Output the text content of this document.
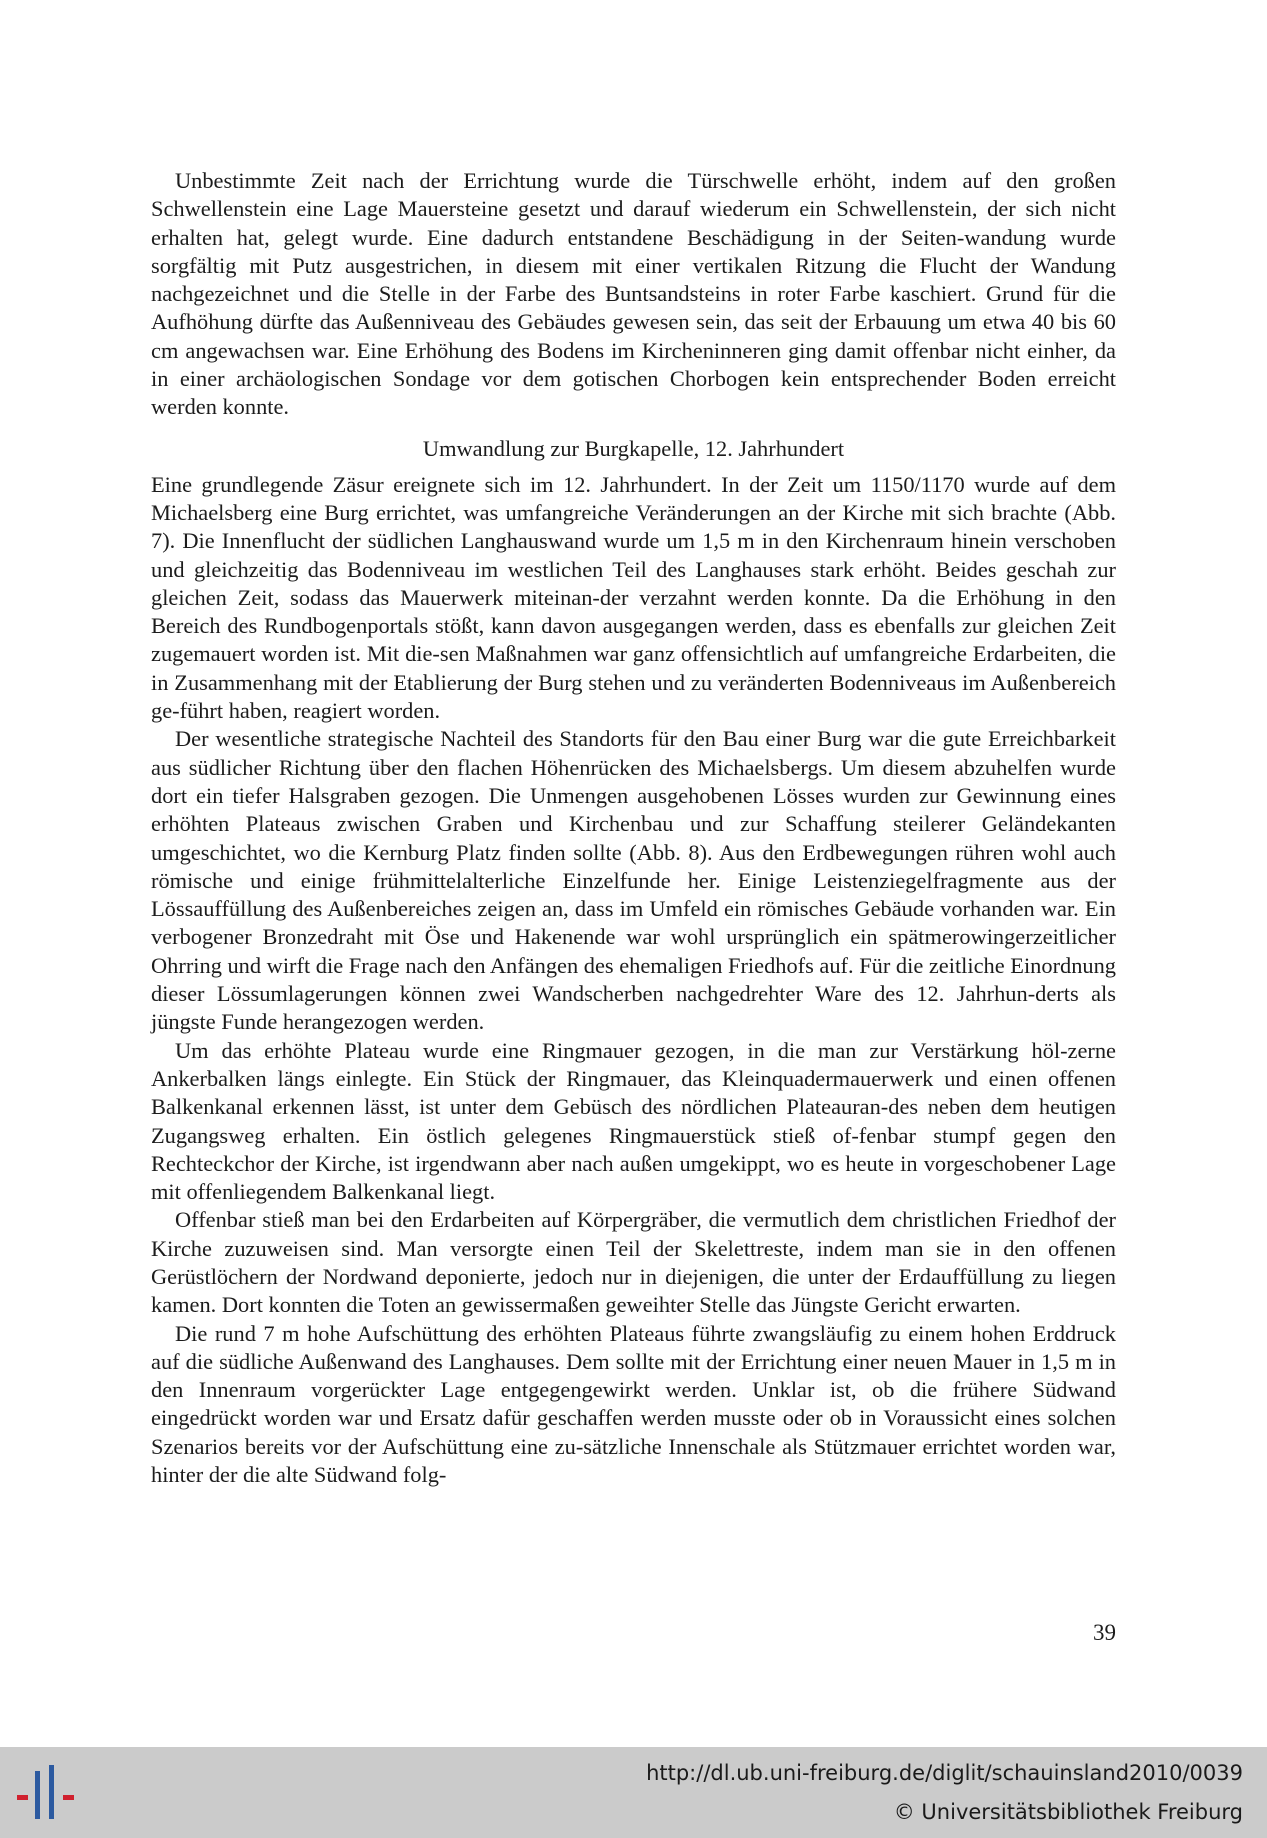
Unbestimmte Zeit nach der Errichtung wurde die Türschwelle erhöht, indem auf den großen Schwellenstein eine Lage Mauersteine gesetzt und darauf wiederum ein Schwellenstein, der sich nicht erhalten hat, gelegt wurde. Eine dadurch entstandene Beschädigung in der Seiten-wandung wurde sorgfältig mit Putz ausgestrichen, in diesem mit einer vertikalen Ritzung die Flucht der Wandung nachgezeichnet und die Stelle in der Farbe des Buntsandsteins in roter Farbe kaschiert. Grund für die Aufhöhung dürfte das Außenniveau des Gebäudes gewesen sein, das seit der Erbauung um etwa 40 bis 60 cm angewachsen war. Eine Erhöhung des Bodens im Kircheninneren ging damit offenbar nicht einher, da in einer archäologischen Sondage vor dem gotischen Chorbogen kein entsprechender Boden erreicht werden konnte.

Umwandlung zur Burgkapelle, 12. Jahrhundert

Eine grundlegende Zäsur ereignete sich im 12. Jahrhundert. In der Zeit um 1150/1170 wurde auf dem Michaelsberg eine Burg errichtet, was umfangreiche Veränderungen an der Kirche mit sich brachte (Abb. 7). Die Innenflucht der südlichen Langhauswand wurde um 1,5 m in den Kirchenraum hinein verschoben und gleichzeitig das Bodenniveau im westlichen Teil des Langhauses stark erhöht. Beides geschah zur gleichen Zeit, sodass das Mauerwerk miteinan-der verzahnt werden konnte. Da die Erhöhung in den Bereich des Rundbogenportals stößt, kann davon ausgegangen werden, dass es ebenfalls zur gleichen Zeit zugemauert worden ist. Mit die-sen Maßnahmen war ganz offensichtlich auf umfangreiche Erdarbeiten, die in Zusammenhang mit der Etablierung der Burg stehen und zu veränderten Bodenniveaus im Außenbereich ge-führt haben, reagiert worden.

Der wesentliche strategische Nachteil des Standorts für den Bau einer Burg war die gute Erreichbarkeit aus südlicher Richtung über den flachen Höhenrücken des Michaelsbergs. Um diesem abzuhelfen wurde dort ein tiefer Halsgraben gezogen. Die Unmengen ausgehobenen Lösses wurden zur Gewinnung eines erhöhten Plateaus zwischen Graben und Kirchenbau und zur Schaffung steilerer Geländekanten umgeschichtet, wo die Kernburg Platz finden sollte (Abb. 8). Aus den Erdbewegungen rühren wohl auch römische und einige frühmittelalterliche Einzelfunde her. Einige Leistenziegelfragmente aus der Lössauffüllung des Außenbereiches zeigen an, dass im Umfeld ein römisches Gebäude vorhanden war. Ein verbogener Bronzedraht mit Öse und Hakenende war wohl ursprünglich ein spätmerowingerzeitlicher Ohrring und wirft die Frage nach den Anfängen des ehemaligen Friedhofs auf. Für die zeitliche Einordnung dieser Lössumlagerungen können zwei Wandscherben nachgedrehter Ware des 12. Jahrhun-derts als jüngste Funde herangezogen werden.

Um das erhöhte Plateau wurde eine Ringmauer gezogen, in die man zur Verstärkung höl-zerne Ankerbalken längs einlegte. Ein Stück der Ringmauer, das Kleinquadermauerwerk und einen offenen Balkenkanal erkennen lässt, ist unter dem Gebüsch des nördlichen Plateauran-des neben dem heutigen Zugangsweg erhalten. Ein östlich gelegenes Ringmauerstück stieß of-fenbar stumpf gegen den Rechteckchor der Kirche, ist irgendwann aber nach außen umgekippt, wo es heute in vorgeschobener Lage mit offenliegendem Balkenkanal liegt.

Offenbar stieß man bei den Erdarbeiten auf Körpergräber, die vermutlich dem christlichen Friedhof der Kirche zuzuweisen sind. Man versorgte einen Teil der Skelettreste, indem man sie in den offenen Gerüstlöchern der Nordwand deponierte, jedoch nur in diejenigen, die unter der Erdauffüllung zu liegen kamen. Dort konnten die Toten an gewissermaßen geweihter Stelle das Jüngste Gericht erwarten.

Die rund 7 m hohe Aufschüttung des erhöhten Plateaus führte zwangsläufig zu einem hohen Erddruck auf die südliche Außenwand des Langhauses. Dem sollte mit der Errichtung einer neuen Mauer in 1,5 m in den Innenraum vorgerückter Lage entgegengewirkt werden. Unklar ist, ob die frühere Südwand eingedrückt worden war und Ersatz dafür geschaffen werden musste oder ob in Voraussicht eines solchen Szenarios bereits vor der Aufschüttung eine zu-sätzliche Innenschale als Stützmauer errichtet worden war, hinter der die alte Südwand folg-

39
http://dl.ub.uni-freiburg.de/diglit/schauinsland2010/0039
© Universitätsbibliothek Freiburg
